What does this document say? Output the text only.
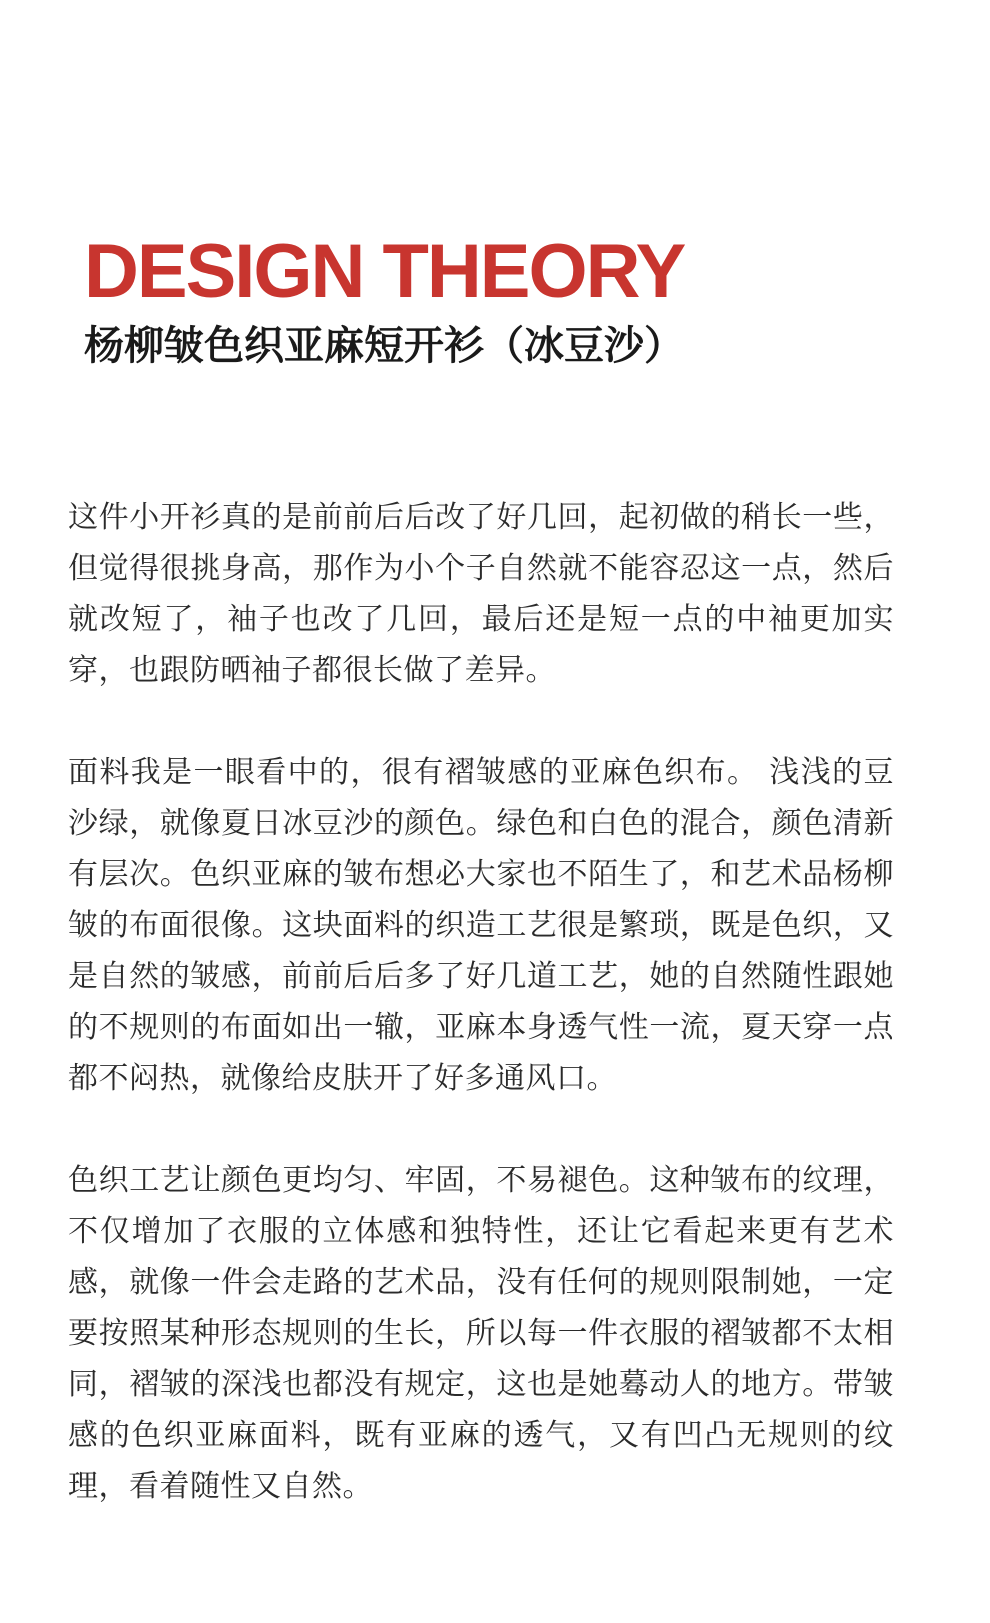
DESIGN THEORY
杨柳皱色织亚麻短开衫（冰豆沙）

这件小开衫真的是前前后后改了好几回，起初做的稍长一些，但觉得很挑身高，那作为小个子自然就不能容忍这一点，然后就改短了，袖子也改了几回，最后还是短一点的中袖更加实穿，也跟防晒袖子都很长做了差异。

面料我是一眼看中的，很有褶皱感的亚麻色织布。 浅浅的豆沙绿，就像夏日冰豆沙的颜色。绿色和白色的混合，颜色清新有层次。色织亚麻的皱布想必大家也不陌生了，和艺术品杨柳皱的布面很像。这块面料的织造工艺很是繁琐，既是色织，又是自然的皱感，前前后后多了好几道工艺，她的自然随性跟她的不规则的布面如出一辙，亚麻本身透气性一流，夏天穿一点都不闷热，就像给皮肤开了好多通风口。

色织工艺让颜色更均匀、牢固，不易褪色。这种皱布的纹理，不仅增加了衣服的立体感和独特性，还让它看起来更有艺术感，就像一件会走路的艺术品，没有任何的规则限制她，一定要按照某种形态规则的生长，所以每一件衣服的褶皱都不太相同，褶皱的深浅也都没有规定，这也是她蓦动人的地方。带皱感的色织亚麻面料，既有亚麻的透气，又有凹凸无规则的纹理，看着随性又自然。
